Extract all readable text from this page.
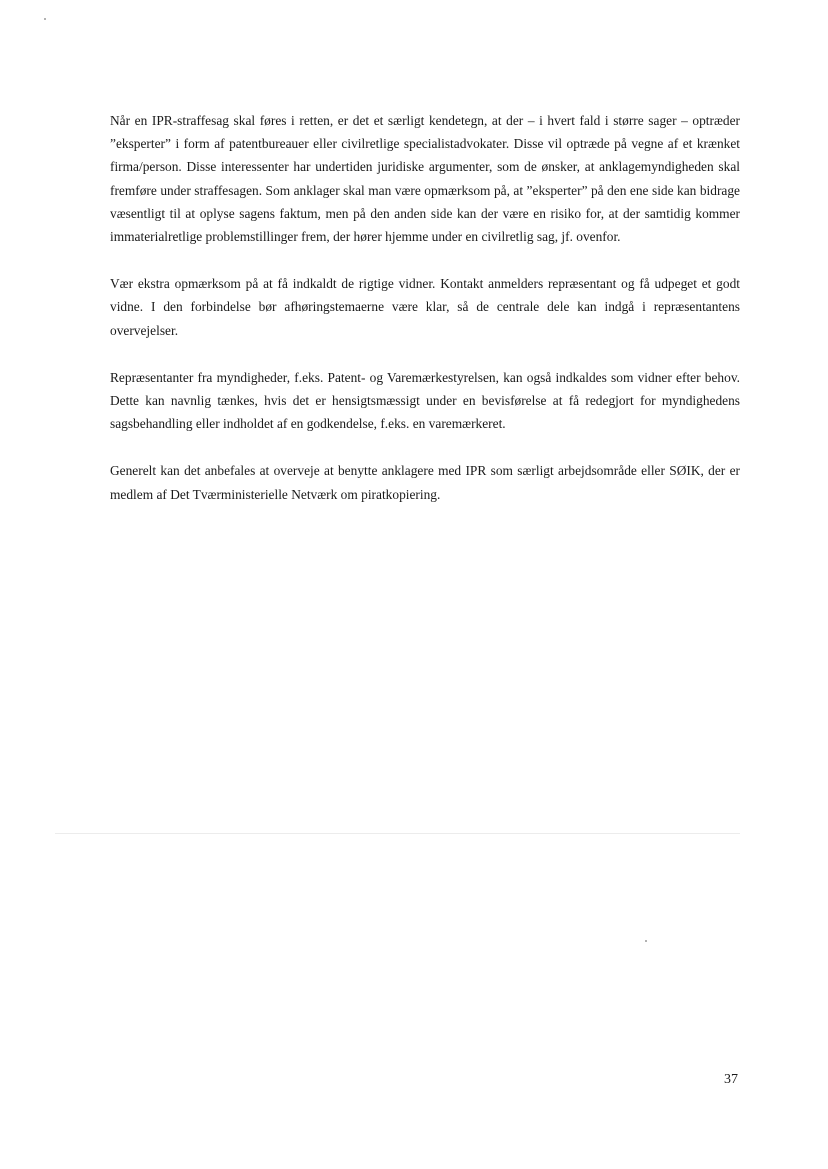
Når en IPR-straffesag skal føres i retten, er det et særligt kendetegn, at der – i hvert fald i større sager – optræder ”eksperter” i form af patentbureauer eller civilretlige specialistadvokater. Disse vil optræde på vegne af et krænket firma/person. Disse interessenter har undertiden juridiske argumenter, som de ønsker, at anklagemyndigheden skal fremføre under straffesagen. Som anklager skal man være opmærksom på, at ”eksperter” på den ene side kan bidrage væsentligt til at oplyse sagens faktum, men på den anden side kan der være en risiko for, at der samtidig kommer immaterialretlige problemstillinger frem, der hører hjemme under en civilretlig sag, jf. ovenfor.

Vær ekstra opmærksom på at få indkaldt de rigtige vidner. Kontakt anmelders repræsentant og få udpeget et godt vidne. I den forbindelse bør afhøringstemaerne være klar, så de centrale dele kan indgå i repræsentantens overvejelser.

Repræsentanter fra myndigheder, f.eks. Patent- og Varemærkestyrelsen, kan også indkaldes som vidner efter behov. Dette kan navnlig tænkes, hvis det er hensigtsmæssigt under en bevisførelse at få redegjort for myndighedens sagsbehandling eller indholdet af en godkendelse, f.eks. en varemærkeret.

Generelt kan det anbefales at overveje at benytte anklagere med IPR som særligt arbejdsområde eller SØIK, der er medlem af Det Tværministerielle Netværk om piratkopiering.

37
